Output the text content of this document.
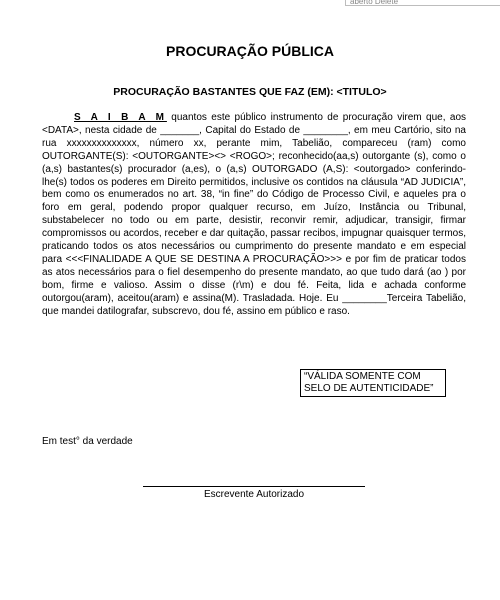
aberto Delete
PROCURAÇÃO PÚBLICA
PROCURAÇÃO BASTANTES QUE FAZ (EM): <TITULO>

S A I B A M quantos este público instrumento de procuração virem que, aos <DATA>, nesta cidade de _______, Capital do Estado de ________, em meu Cartório, sito na rua xxxxxxxxxxxxxx, número xx, perante mim, Tabelião, compareceu (ram) como OUTORGANTE(S): <OUTORGANTE><> <ROGO>; reconhecido(aa,s) outorgante (s), como o (a,s) bastantes(s) procurador (a,es), o (a,s) OUTORGADO (A,S): <outorgado> conferindo-lhe(s) todos os poderes em Direito permitidos, inclusive os contidos na cláusula “AD JUDICIA”, bem como os enumerados no art. 38, “in fine” do Código de Processo Civil, e aqueles pra o foro em geral, podendo propor qualquer recurso, em Juízo, Instância ou Tribunal, substabelecer no todo ou em parte, desistir, reconvir remir, adjudicar, transigir, firmar compromissos ou acordos, receber e dar quitação, passar recibos, impugnar quaisquer termos, praticando todos os atos necessários ou cumprimento do presente mandato e em especial para <<<FINALIDADE A QUE SE DESTINA A PROCURAÇÃO>>> e por fim de praticar todos as atos necessários para o fiel desempenho do presente mandato, ao que tudo dará (ao ) por bom, firme e valioso. Assim o disse (r\m) e dou fé. Feita, lida e achada conforme outorgou(aram), aceitou(aram) e assina(M). Trasladada. Hoje. Eu ________Terceira Tabelião, que mandei datilografar, subscrevo, dou fé, assino em público e raso.

“VÁLIDA SOMENTE COM SELO DE AUTENTICIDADE”
Em test° da verdade
Escrevente Autorizado
